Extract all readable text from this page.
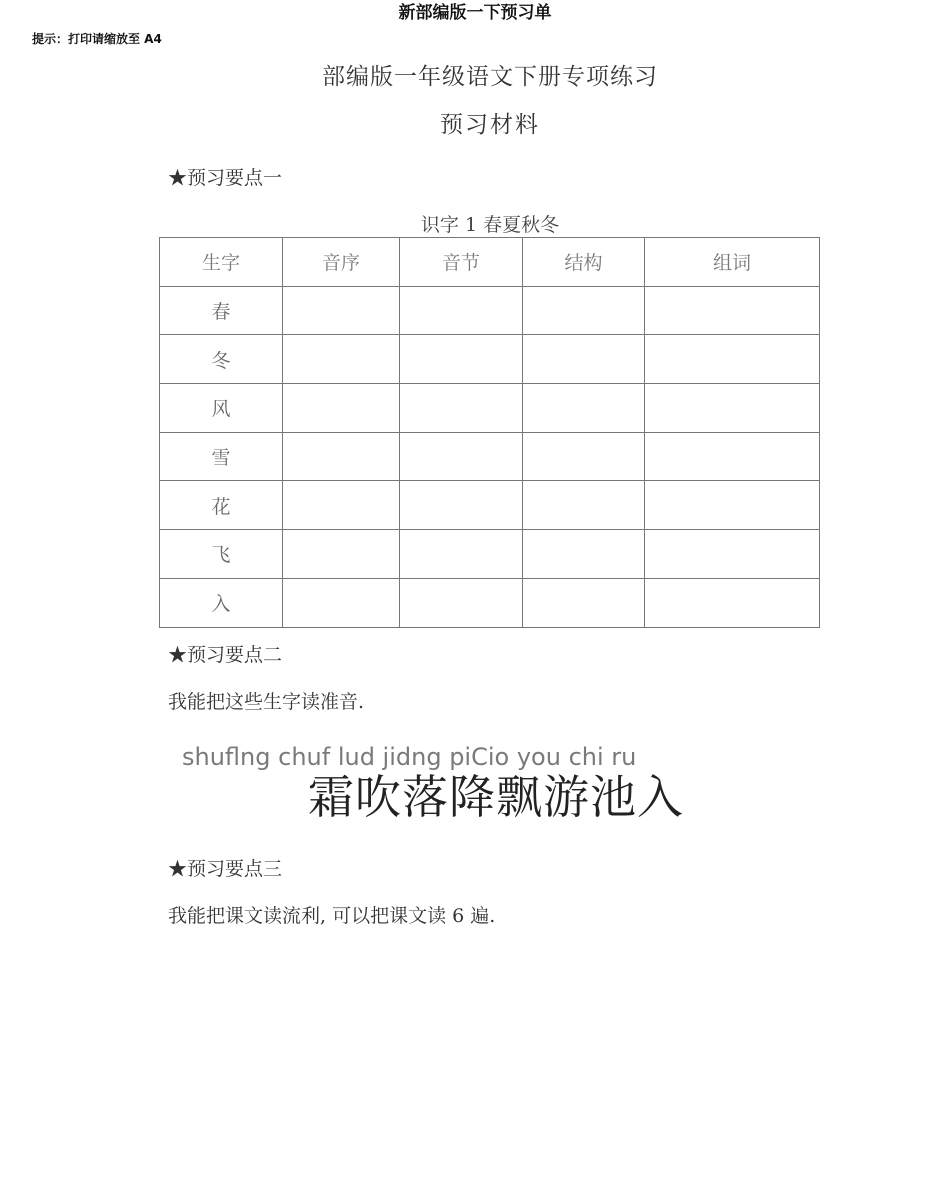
新部编版一下预习单
提示：打印请缩放至 A4
部编版一年级语文下册专项练习
预习材料
★预习要点一
识字 1 春夏秋冬
生字	音序	音节	结构	组词
春				
冬				
风				
雪				
花				
飞				
入				
★预习要点二
我能把这些生字读准音.
shuflng chuf lud jidng piCio you chi ru
霜吹落降飘游池入
★预习要点三
我能把课文读流利, 可以把课文读 6 遍.
